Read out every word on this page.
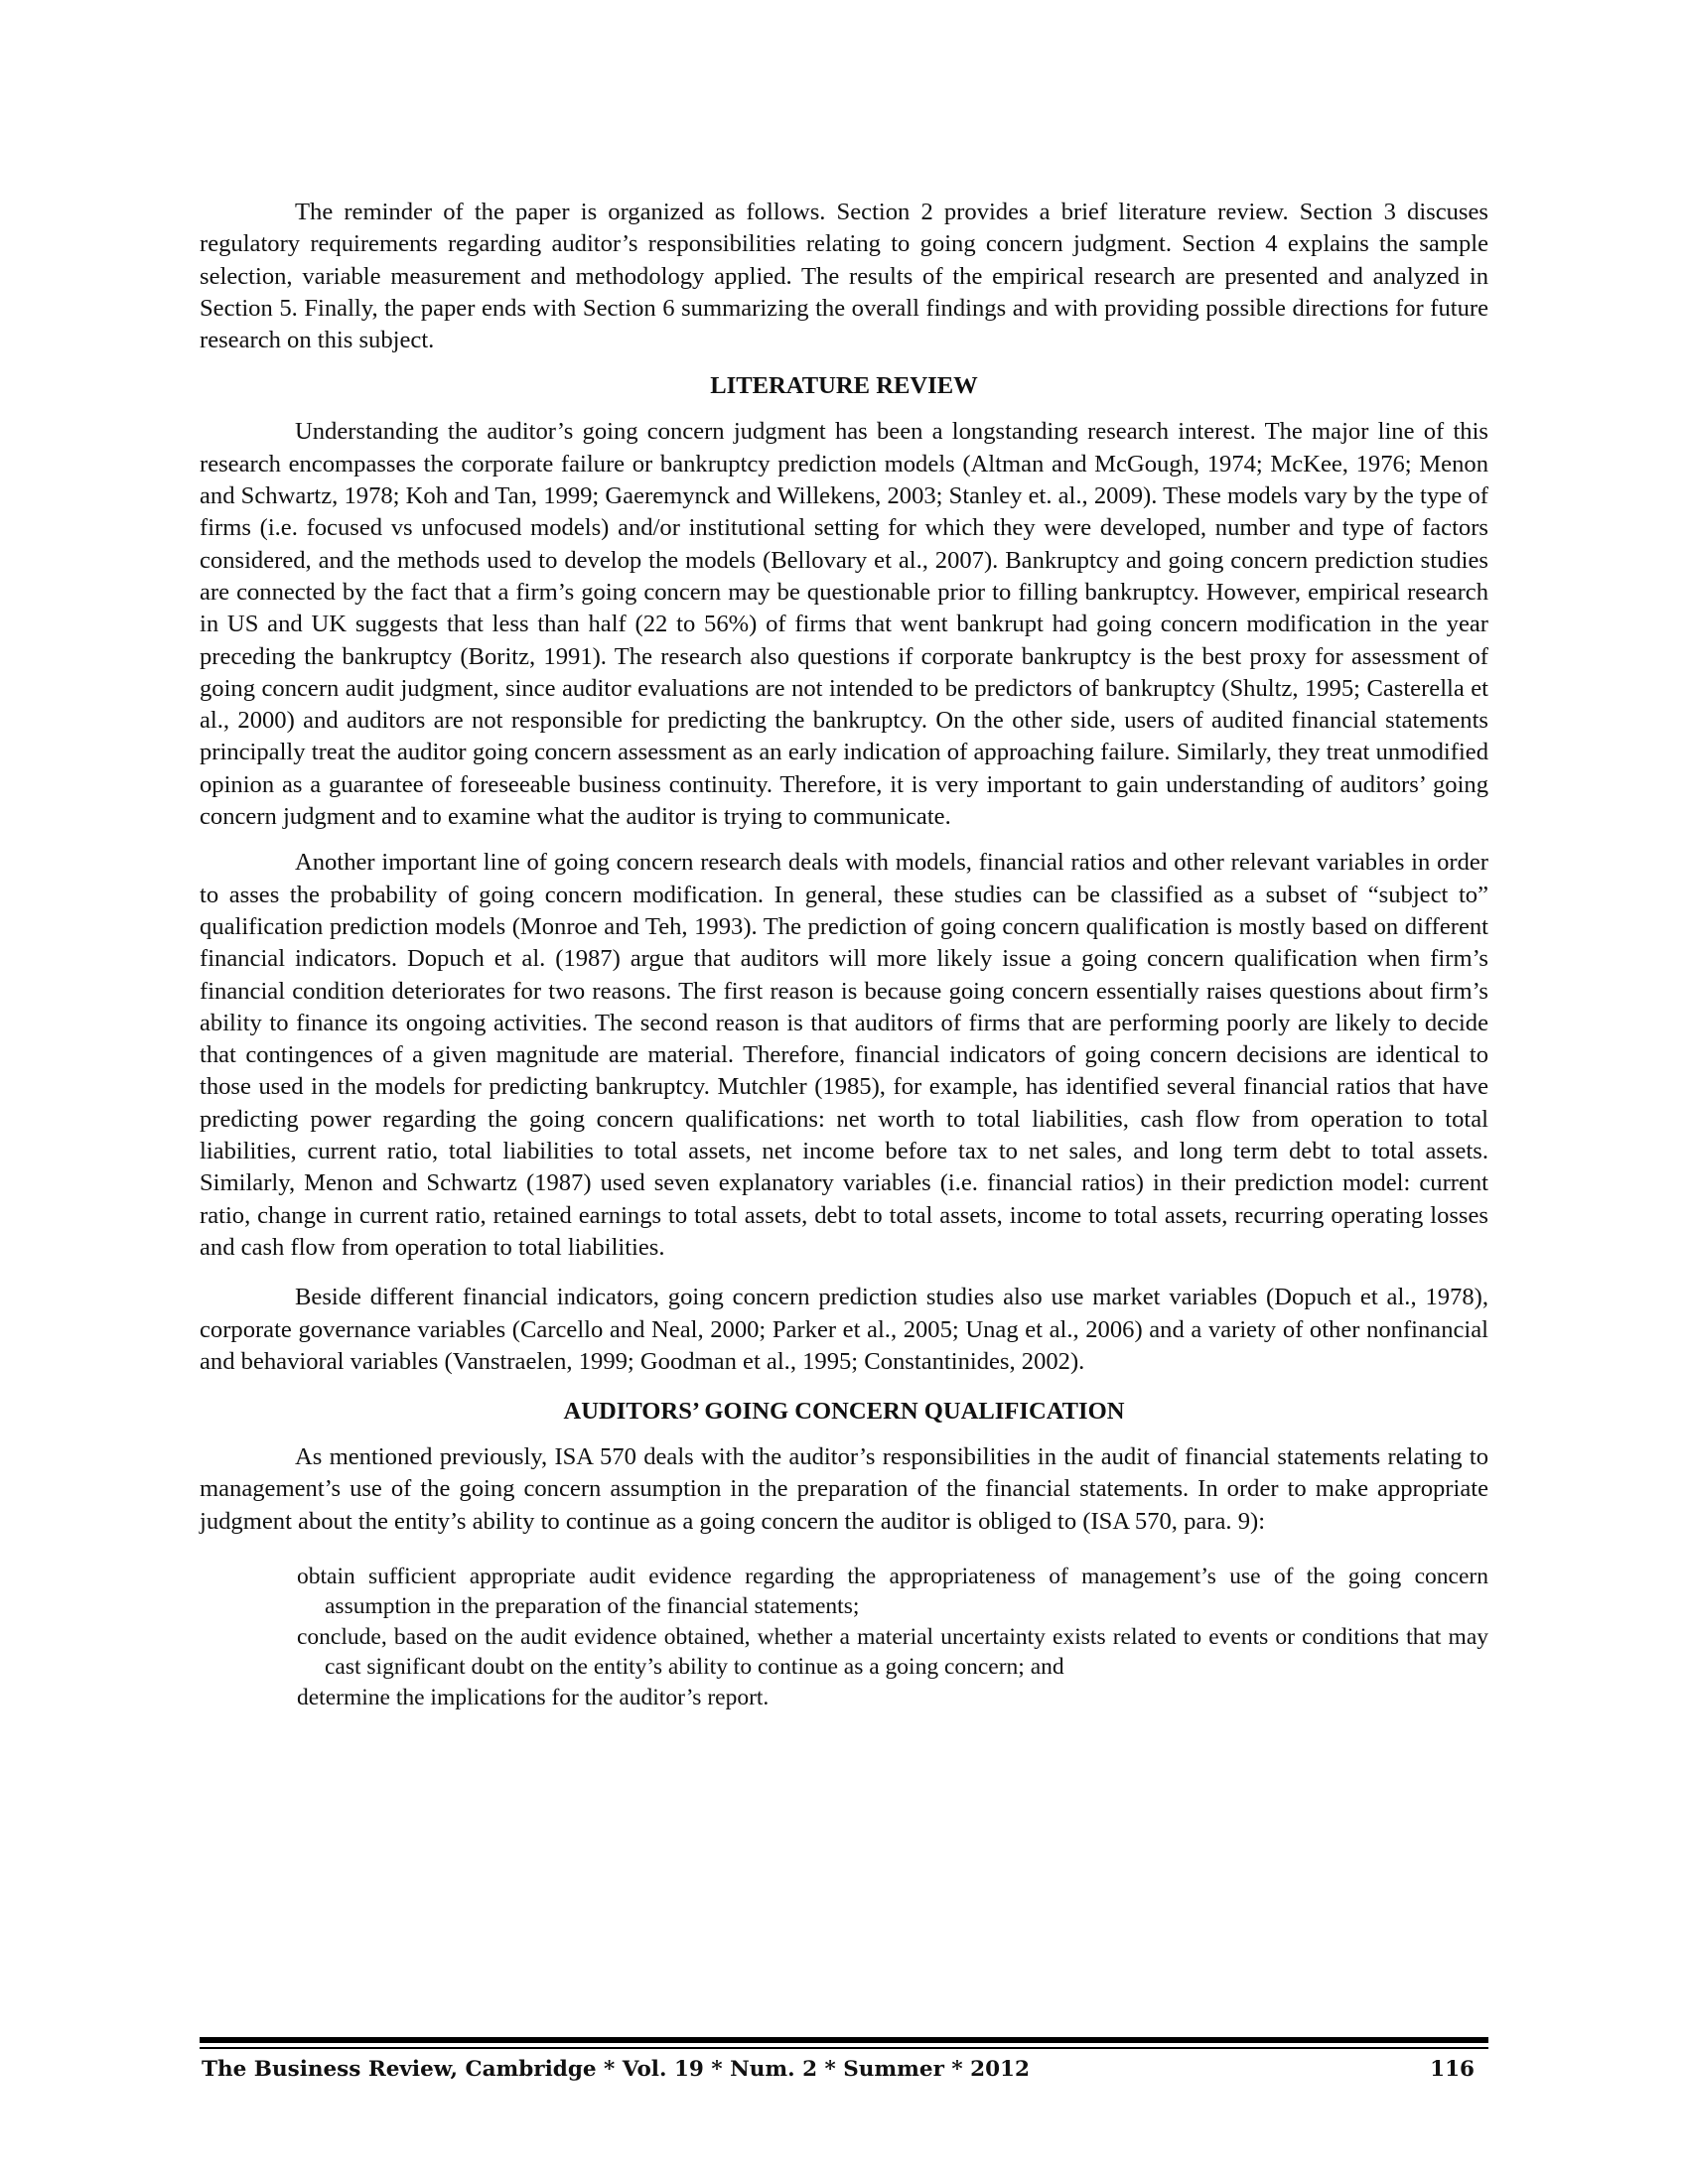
The reminder of the paper is organized as follows. Section 2 provides a brief literature review. Section 3 discuses regulatory requirements regarding auditor’s responsibilities relating to going concern judgment. Section 4 explains the sample selection, variable measurement and methodology applied. The results of the empirical research are presented and analyzed in Section 5. Finally, the paper ends with Section 6 summarizing the overall findings and with providing possible directions for future research on this subject.

LITERATURE REVIEW

Understanding the auditor’s going concern judgment has been a longstanding research interest. The major line of this research encompasses the corporate failure or bankruptcy prediction models (Altman and McGough, 1974; McKee, 1976; Menon and Schwartz, 1978; Koh and Tan, 1999; Gaeremynck and Willekens, 2003; Stanley et. al., 2009). These models vary by the type of firms (i.e. focused vs unfocused models) and/or institutional setting for which they were developed, number and type of factors considered, and the methods used to develop the models (Bellovary et al., 2007). Bankruptcy and going concern prediction studies are connected by the fact that a firm’s going concern may be questionable prior to filling bankruptcy. However, empirical research in US and UK suggests that less than half (22 to 56%) of firms that went bankrupt had going concern modification in the year preceding the bankruptcy (Boritz, 1991). The research also questions if corporate bankruptcy is the best proxy for assessment of going concern audit judgment, since auditor evaluations are not intended to be predictors of bankruptcy (Shultz, 1995; Casterella et al., 2000) and auditors are not responsible for predicting the bankruptcy. On the other side, users of audited financial statements principally treat the auditor going concern assessment as an early indication of approaching failure. Similarly, they treat unmodified opinion as a guarantee of foreseeable business continuity. Therefore, it is very important to gain understanding of auditors’ going concern judgment and to examine what the auditor is trying to communicate.

Another important line of going concern research deals with models, financial ratios and other relevant variables in order to asses the probability of going concern modification. In general, these studies can be classified as a subset of “subject to” qualification prediction models (Monroe and Teh, 1993). The prediction of going concern qualification is mostly based on different financial indicators. Dopuch et al. (1987) argue that auditors will more likely issue a going concern qualification when firm’s financial condition deteriorates for two reasons. The first reason is because going concern essentially raises questions about firm’s ability to finance its ongoing activities. The second reason is that auditors of firms that are performing poorly are likely to decide that contingences of a given magnitude are material. Therefore, financial indicators of going concern decisions are identical to those used in the models for predicting bankruptcy. Mutchler (1985), for example, has identified several financial ratios that have predicting power regarding the going concern qualifications: net worth to total liabilities, cash flow from operation to total liabilities, current ratio, total liabilities to total assets, net income before tax to net sales, and long term debt to total assets. Similarly, Menon and Schwartz (1987) used seven explanatory variables (i.e. financial ratios) in their prediction model: current ratio, change in current ratio, retained earnings to total assets, debt to total assets, income to total assets, recurring operating losses and cash flow from operation to total liabilities.

Beside different financial indicators, going concern prediction studies also use market variables (Dopuch et al., 1978), corporate governance variables (Carcello and Neal, 2000; Parker et al., 2005; Unag et al., 2006) and a variety of other nonfinancial and behavioral variables (Vanstraelen, 1999; Goodman et al., 1995; Constantinides, 2002).

AUDITORS’ GOING CONCERN QUALIFICATION

As mentioned previously, ISA 570 deals with the auditor’s responsibilities in the audit of financial statements relating to management’s use of the going concern assumption in the preparation of the financial statements. In order to make appropriate judgment about the entity’s ability to continue as a going concern the auditor is obliged to (ISA 570, para. 9):

obtain sufficient appropriate audit evidence regarding the appropriateness of management’s use of the going concern assumption in the preparation of the financial statements;
conclude, based on the audit evidence obtained, whether a material uncertainty exists related to events or conditions that may cast significant doubt on the entity’s ability to continue as a going concern; and
determine the implications for the auditor’s report.
The Business Review, Cambridge * Vol. 19 * Num. 2 * Summer * 2012	116
